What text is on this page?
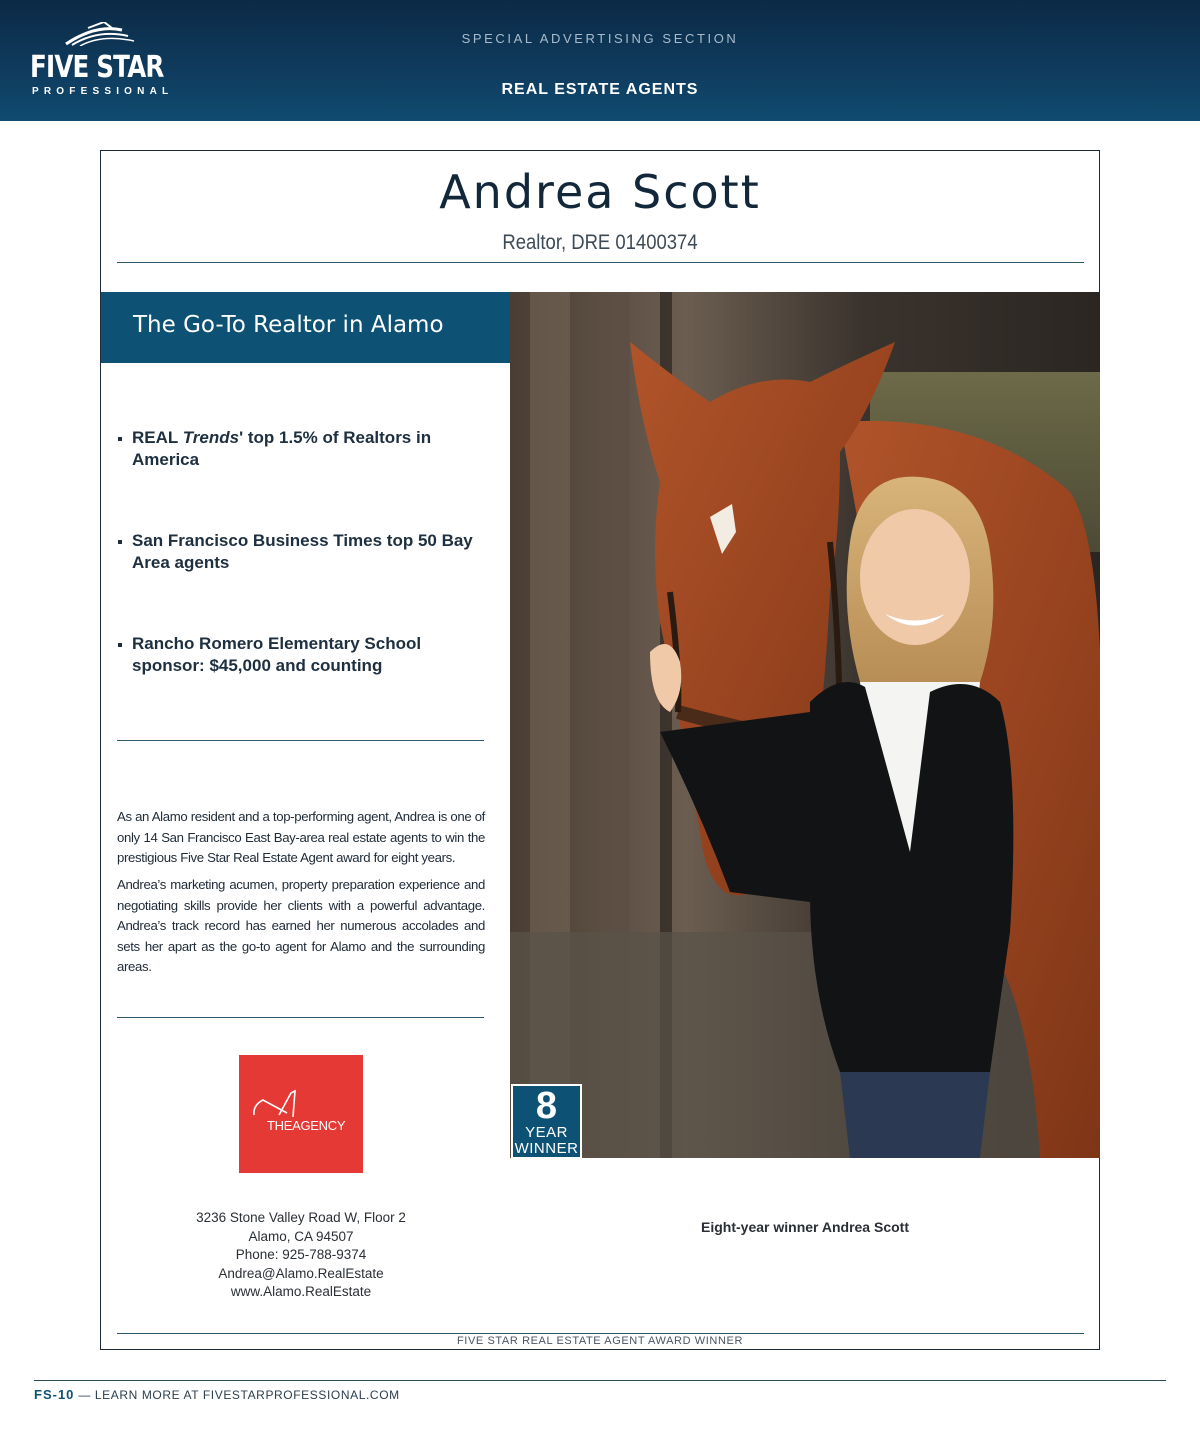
FIVE STAR
PROFESSIONAL
SPECIAL ADVERTISING SECTION
REAL ESTATE AGENTS
Andrea Scott
Realtor, DRE 01400374
The Go-To Realtor in Alamo
REAL Trends' top 1.5% of Realtors in America
San Francisco Business Times top 50 Bay Area agents
Rancho Romero Elementary School sponsor: $45,000 and counting

As an Alamo resident and a top-performing agent, Andrea is one of only 14 San Francisco East Bay-area real estate agents to win the prestigious Five Star Real Estate Agent award for eight years.

Andrea’s marketing acumen, property preparation experience and negotiating skills provide her clients with a powerful advantage. Andrea’s track record has earned her numerous accolades and sets her apart as the go-to agent for Alamo and the surrounding areas.

THEAGENCY
3236 Stone Valley Road W, Floor 2
Alamo, CA 94507
Phone: 925-788-9374
Andrea@Alamo.RealEstate
www.Alamo.RealEstate
8
YEAR
WINNER
Eight-year winner Andrea Scott
FIVE STAR REAL ESTATE AGENT AWARD WINNER
FS-10 — LEARN MORE AT FIVESTARPROFESSIONAL.COM
